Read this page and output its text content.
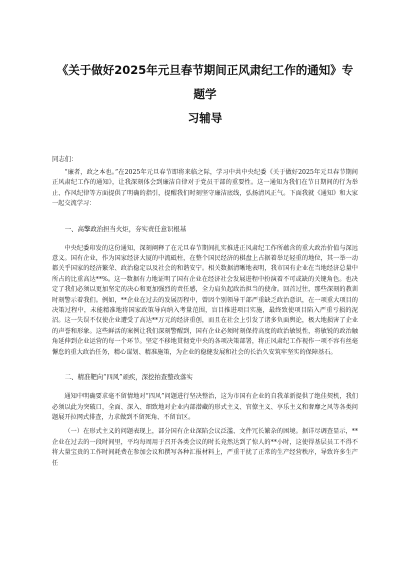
《关于做好2025年元旦春节期间正风肃纪工作的通知》专题学
习辅导
同志们：

“廉者，政之本也。”在2025年元旦春节即将来临之际，学习中共中央纪委《关于做好2025年元旦春节期间正风肃纪工作的通知》，让我深刻体会到廉洁自律对于党员干部的重要性。这一通知为我们在节日期间的行为举止、作风纪律等方面提供了明确的指引，提醒我们时刻坚守廉洁底线，弘扬清风正气。下面我就《通知》和大家一起交流学习：

一、高擎政治担当火炬，夯实责任意识根基

中央纪委印发的这份通知，深刻阐释了在元旦春节期间扎实推进正风肃纪工作所蕴含的重大政治价值与深远意义。国有企业，作为国家经济大厦的中流砥柱，在整个国民经济的棋盘上占据着举足轻重的地位，其一举一动都关乎国家的经济繁荣、政治稳定以及社会的和谐安宁。相关数据清晰地表明，我市国有企业在当地经济总量中所占的比重高达**%。这一数据有力地证明了国有企业在经济社会发展进程中扮演着不可或缺的关键角色。也决定了我们必须以更加坚定的决心和更加强烈的责任感，全力肩负起政治担当的使命。回首过往，那些深刻的教训时刻警示着我们。例如，**企业在过去的发展历程中，曾因个别领导干部严重缺乏政治意识，在一项重大项目的决策过程中，未能精准地将国家政策导向纳入考量范围，盲目推进项目实施，最终致使项目陷入严重亏损的泥沼。这一失误不仅使企业遭受了高达**万元的经济重创，而且在社会上引发了诸多负面舆论，极大地损害了企业的声誉和形象。这些鲜活的案例让我们深刻警醒到，国有企业必须时刻保持高度的政治敏锐性，将敏锐的政治触角延伸到企业运营的每一个环节。坚定不移地贯彻党中央的各项决策部署，将正风肃纪工作视作一项不容有丝毫懈怠的重大政治任务，精心谋划、精准施策，为企业的稳健发展和社会的长治久安筑牢坚实的保障基石。

二、精准靶向“四风”顽疾，深挖拍查整改落实

通知中明确要求毫不留情地对“四风”问题进行坚决整治，这为市国有企业的自我革新提供了绝佳契机，我们必须以此为突破口，全面、深入、细致地对企业内部潜藏的形式主义、官僚主义、享乐主义和奢靡之风等各类问题展开拉网式排查，力求做到不留死角、不留盲区。

（一）在形式主义的问题表现上，部分国有企业深陷会议泛滥、文件冗长繁杂的困境。据详尽调查显示，**企业在过去的一段时间里，平均每周用于召开各类会议的时长竟然达到了惊人的**小时，这使得基层员工不得不将大量宝贵的工作时间耗费在参加会议和撰写各种汇报材料上，严重干扰了正常的生产经营秩序，导致许多生产任
